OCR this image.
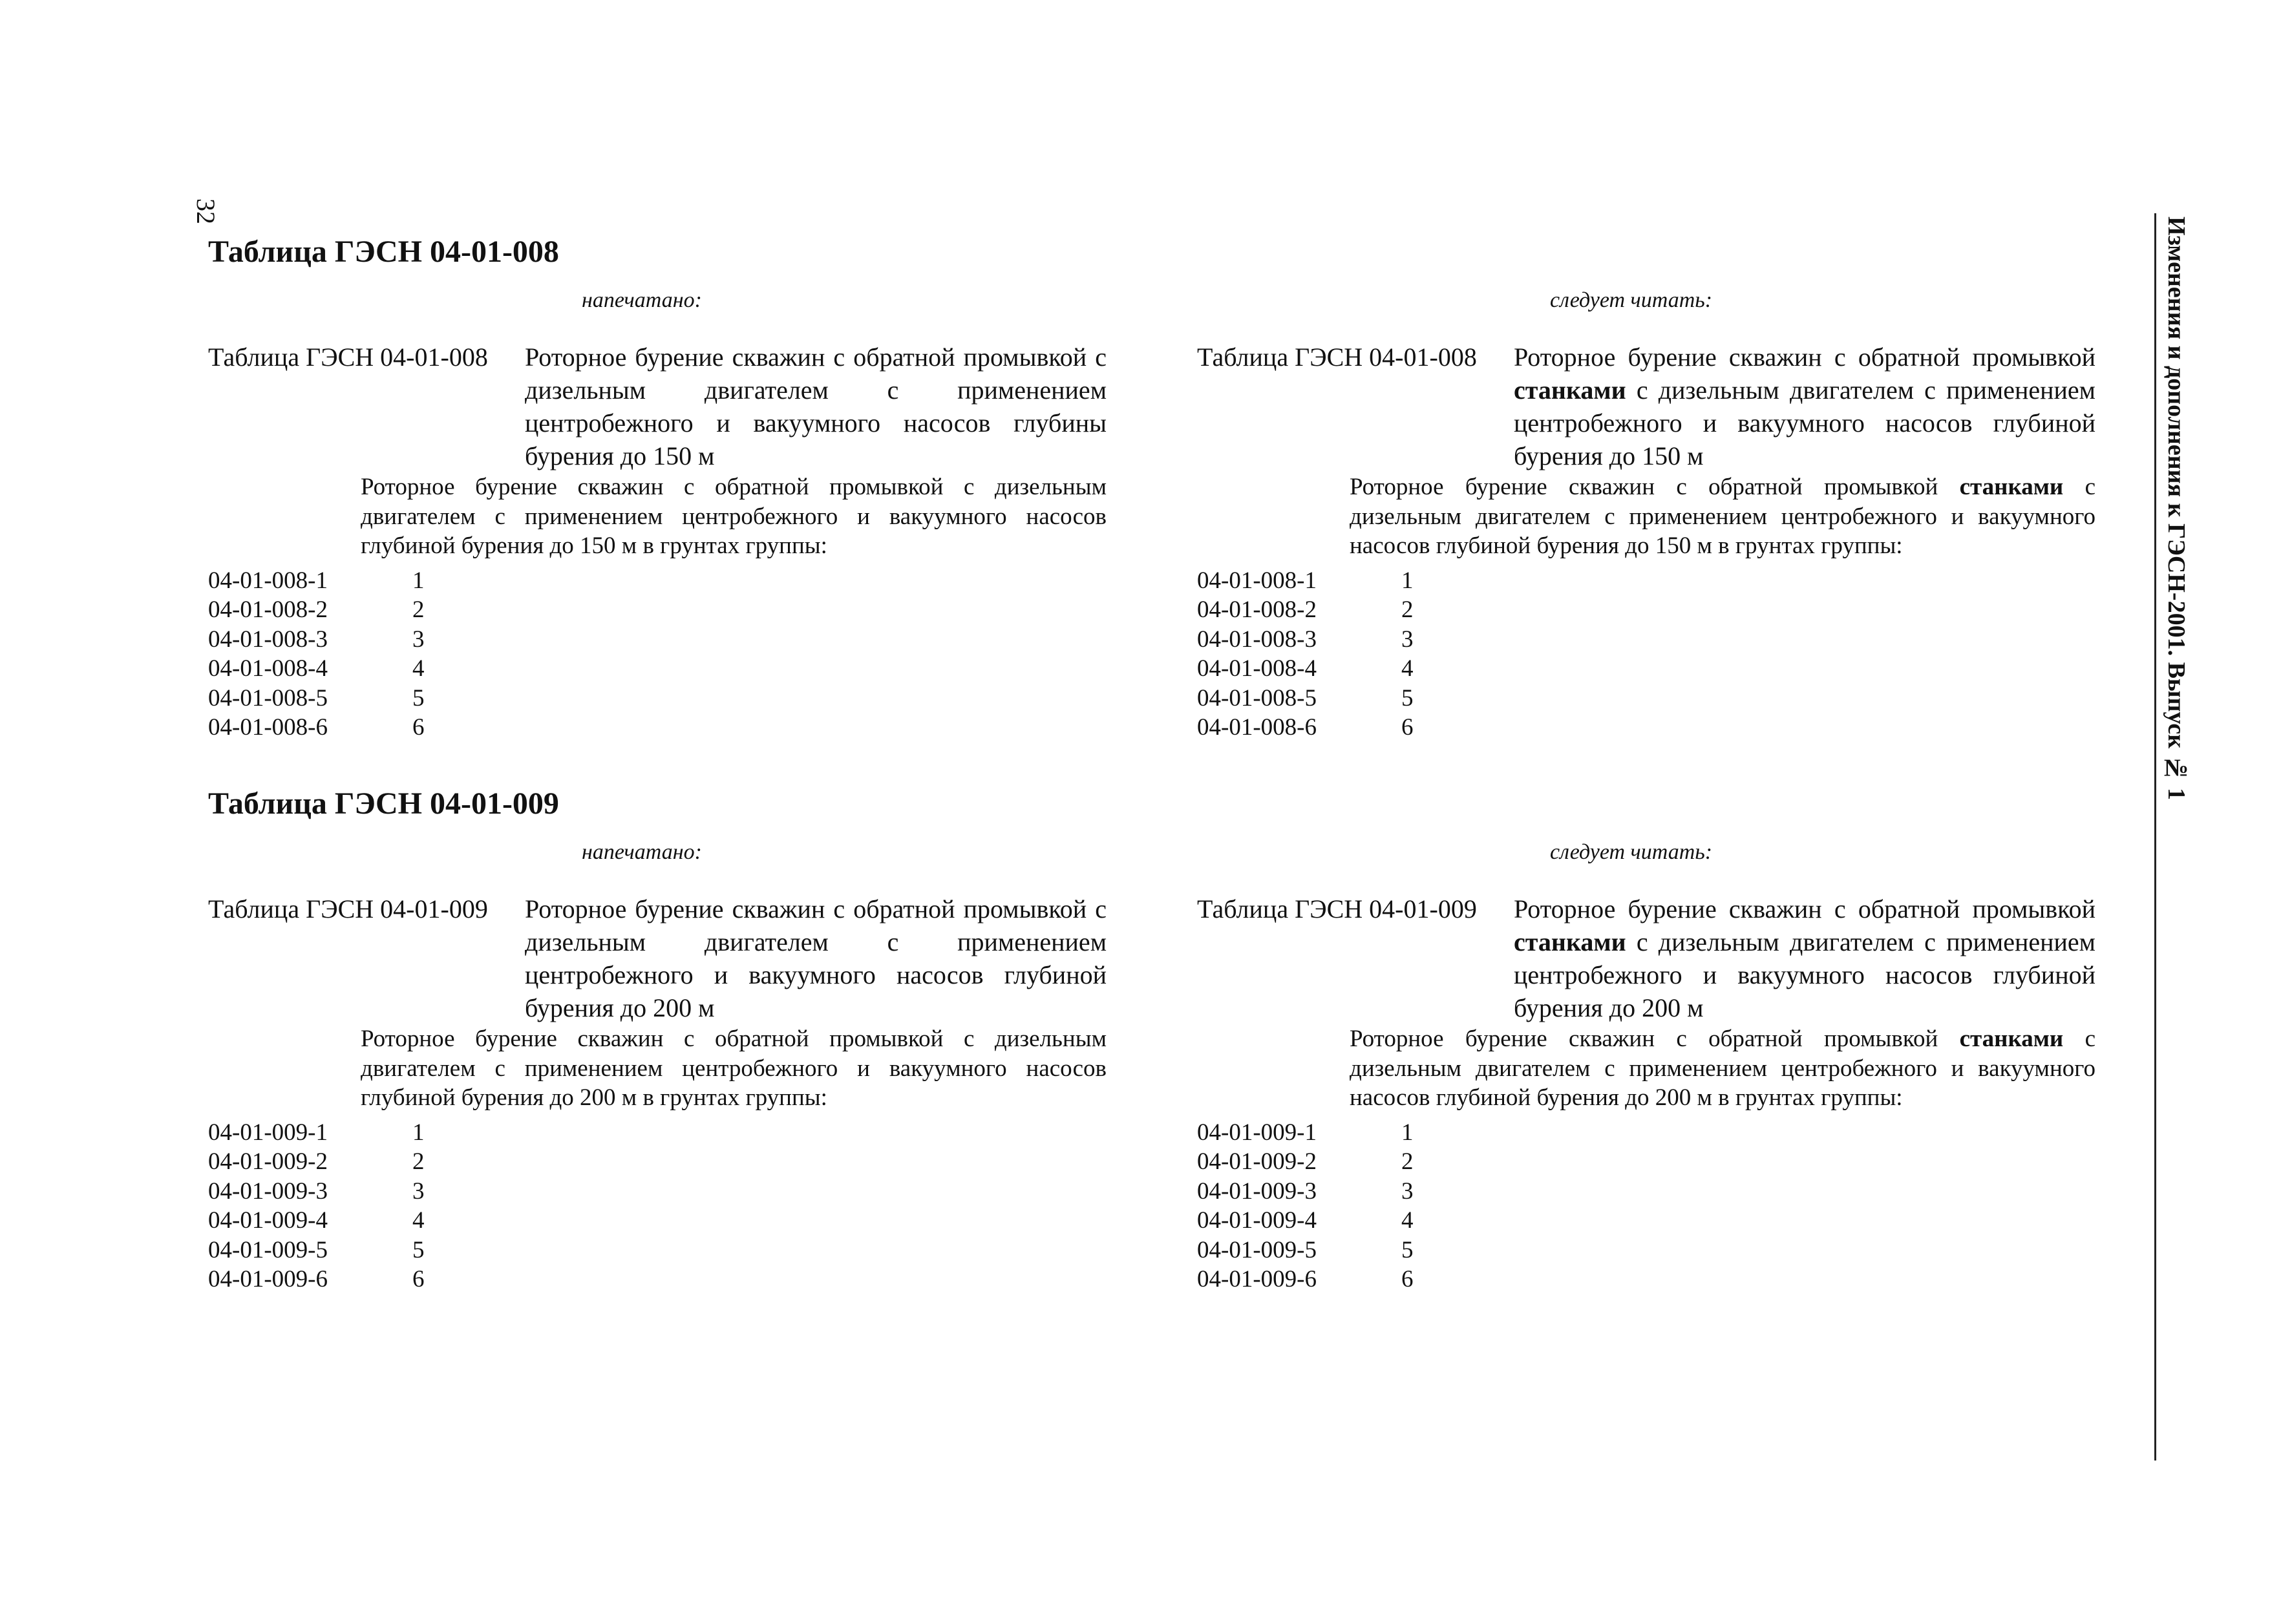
32
Изменения и дополнения к ГЭСН-2001. Выпуск № 1
Таблица ГЭСН 04-01-008
напечатано:	следует читать:
Таблица ГЭСН 04-01-008 Роторное бурение скважин с обратной промывкой с дизельным двигателем с применением центробежного и вакуумного насосов глубины бурения до 150 м
Роторное бурение скважин с обратной промывкой с дизельным двигателем с применением центробежного и вакуумного насосов глубиной бурения до 150 м в грунтах группы:
04-01-008-1	1
04-01-008-2	2
04-01-008-3	3
04-01-008-4	4
04-01-008-5	5
04-01-008-6	6
Таблица ГЭСН 04-01-008 Роторное бурение скважин с обратной промывкой станками с дизельным двигателем с применением центробежного и вакуумного насосов глубиной бурения до 150 м
Роторное бурение скважин с обратной промывкой станками с дизельным двигателем с применением центробежного и вакуумного насосов глубиной бурения до 150 м в грунтах группы:
04-01-008-1	1
04-01-008-2	2
04-01-008-3	3
04-01-008-4	4
04-01-008-5	5
04-01-008-6	6
Таблица ГЭСН 04-01-009
напечатано:	следует читать:
Таблица ГЭСН 04-01-009 Роторное бурение скважин с обратной промывкой с дизельным двигателем с применением центробежного и вакуумного насосов глубиной бурения до 200 м
Роторное бурение скважин с обратной промывкой с дизельным двигателем с применением центробежного и вакуумного насосов глубиной бурения до 200 м в грунтах группы:
04-01-009-1	1
04-01-009-2	2
04-01-009-3	3
04-01-009-4	4
04-01-009-5	5
04-01-009-6	6
Таблица ГЭСН 04-01-009 Роторное бурение скважин с обратной промывкой станками с дизельным двигателем с применением центробежного и вакуумного насосов глубиной бурения до 200 м
Роторное бурение скважин с обратной промывкой станками с дизельным двигателем с применением центробежного и вакуумного насосов глубиной бурения до 200 м в грунтах группы:
04-01-009-1	1
04-01-009-2	2
04-01-009-3	3
04-01-009-4	4
04-01-009-5	5
04-01-009-6	6
